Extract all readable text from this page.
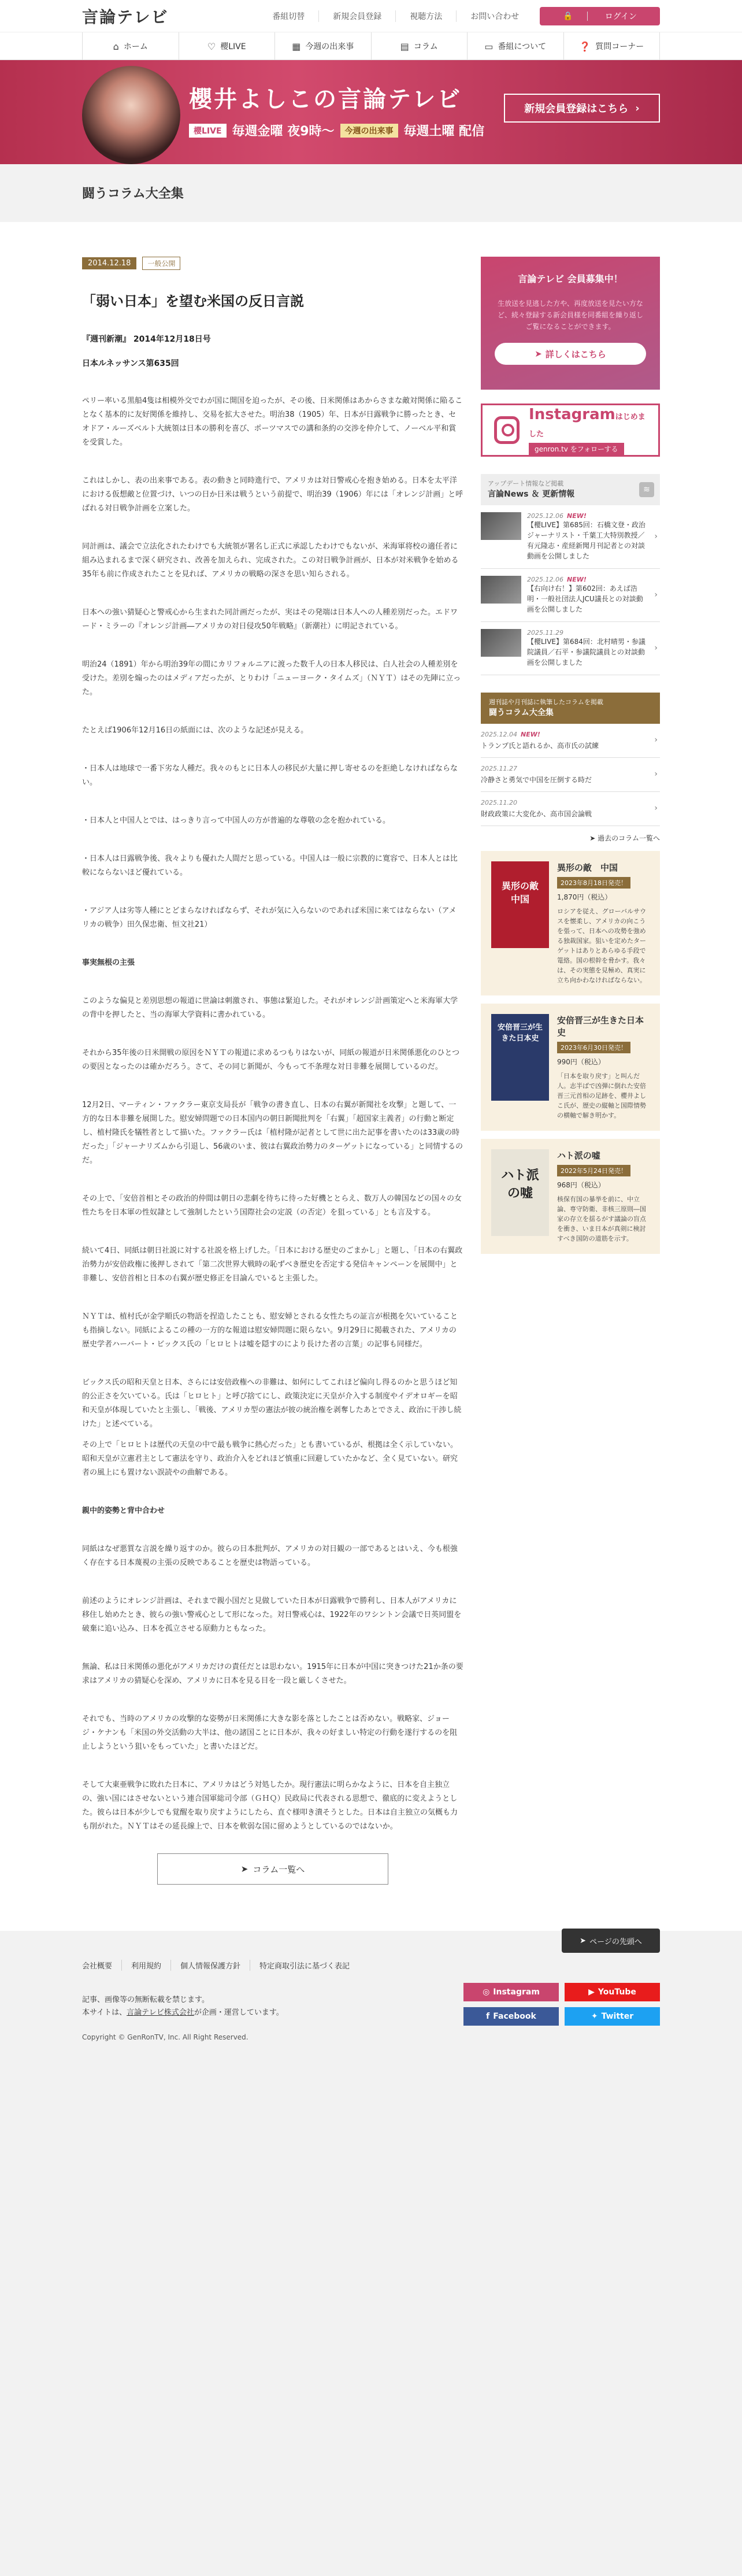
言論テレビ	番組切替	新規会員登録	視聴方法	お問い合わせ	🔒	ログイン
⌂ ホーム	♡ 櫻LIVE	▦ 今週の出来事	▤ コラム	▭ 番組について	❓ 質問コーナー
櫻井よしこの言論テレビ
櫻LIVE 毎週金曜 夜9時～	今週の出来事 毎週土曜 配信
新規会員登録はこちら ›
闘うコラム大全集
2014.12.18	一般公開
「弱い日本」を望む米国の反日言説
『週刊新潮』 2014年12月18日号
日本ルネッサンス第635回

ペリー率いる黒船4隻は相模外交でわが国に開国を迫ったが、その後、日米関係はあからさまな敵対関係に陥ることなく基本的に友好関係を維持し、交易を拡大させた。明治38（1905）年、日本が日露戦争に勝ったとき、セオドア・ルーズベルト大統領は日本の勝利を喜び、ポーツマスでの講和条約の交渉を仲介して、ノーベル平和賞を受賞した。

これはしかし、表の出来事である。表の動きと同時進行で、アメリカは対日警戒心を抱き始める。日本を太平洋における仮想敵と位置づけ、いつの日か日米は戦うという前提で、明治39（1906）年には「オレンジ計画」と呼ばれる対日戦争計画を立案した。

同計画は、議会で立法化されたわけでも大統領が署名し正式に承認したわけでもないが、米海軍将校の適任者に組み込まれるまで深く研究され、改善を加えられ、完成された。この対日戦争計画が、日本が対米戦争を始める35年も前に作成されたことを見れば、アメリカの戦略の深さを思い知らされる。

日本への強い猜疑心と警戒心から生まれた同計画だったが、実はその発端は日本人への人種差別だった。エドワード・ミラーの『オレンジ計画―アメリカの対日侵攻50年戦略』（新潮社）に明記されている。

明治24（1891）年から明治39年の間にカリフォルニアに渡った数千人の日本人移民は、白人社会の人種差別を受けた。差別を煽ったのはメディアだったが、とりわけ「ニューヨーク・タイムズ」（ＮＹＴ）はその先陣に立った。

たとえば1906年12月16日の紙面には、次のような記述が見える。

・日本人は地球で一番下劣な人種だ。我々のもとに日本人の移民が大量に押し寄せるのを拒絶しなければならない。

・日本人と中国人とでは、はっきり言って中国人の方が普遍的な尊敬の念を抱かれている。

・日本人は日露戦争後、我々よりも優れた人間だと思っている。中国人は一般に宗教的に寛容で、日本人とは比較にならないほど優れている。

・アジア人は劣等人種にとどまらなければならず、それが気に入らないのであれば米国に来てはならない（アメリカの戦争）田久保忠衛、恒文社21）

事実無根の主張

このような偏見と差別思想の報道に世論は刺激され、事態は緊迫した。それがオレンジ計画策定へと米海軍大学の背中を押したと、当の海軍大学資料に書かれている。

それから35年後の日米開戦の原因をＮＹＴの報道に求めるつもりはないが、同紙の報道が日米関係悪化のひとつの要因となったのは確かだろう。さて、その同じ新聞が、今もって不条理な対日非難を展開しているのだ。

12月2日、マーティン・ファクラー東京支局長が「戦争の書き直し、日本の右翼が新聞社を攻撃」と題して、一方的な日本非難を展開した。慰安婦問題での日本国内の朝日新聞批判を「右翼」「超国家主義者」の行動と断定し、植村隆氏を犠牲者として描いた。ファクラー氏は「植村隆が記者として世に出た記事を書いたのは33歳の時だった」「ジャーナリズムから引退し、56歳のいま、彼は右翼政治勢力のターゲットになっている」と同情するのだ。

その上で、「安倍首相とその政治的仲間は朝日の悲劇を待ちに待った好機ととらえ、数万人の韓国などの国々の女性たちを日本軍の性奴隷として強制したという国際社会の定説（の否定）を狙っている」とも言及する。

続いて4日、同紙は朝日社説に対する社説を格上げした。「日本における歴史のごまかし」と題し、「日本の右翼政治勢力が安倍政権に後押しされて「第二次世界大戦時の恥ずべき歴史を否定する発信キャンペーンを展開中」と非難し、安倍首相と日本の右翼が歴史修正を目論んでいると主張した。

ＮＹＴは、植村氏が金学順氏の物語を捏造したことも、慰安婦とされる女性たちの証言が根拠を欠いていることも指摘しない。同紙によるこの種の一方的な報道は慰安婦問題に限らない。9月29日に掲載された、アメリカの歴史学者ハーバート・ビックス氏の「ヒロヒトは嘘を隠すのにより長けた者の言葉」の記事も同様だ。

ビックス氏の昭和天皇と日本、さらには安倍政権への非難は、如何にしてこれほど偏向し得るのかと思うほど知的公正さを欠いている。氏は「ヒロヒト」と呼び捨てにし、政策決定に天皇が介入する制度やイデオロギーを昭和天皇が体現していたと主張し、「戦後、アメリカ型の憲法が彼の統治権を剥奪したあとでさえ、政治に干渉し続けた」と述べている。

その上で「ヒロヒトは歴代の天皇の中で最も戦争に熱心だった」とも書いているが、根拠は全く示していない。昭和天皇が立憲君主として憲法を守り、政治介入をどれほど慎重に回避していたかなど、全く見ていない。研究者の風上にも置けない誤読やの曲解である。

親中的姿勢と背中合わせ

同紙はなぜ悪質な言説を繰り返すのか。彼らの日本批判が、アメリカの対日観の一部であるとはいえ、今も根強く存在する日本蔑視の主張の反映であることを歴史は物語っている。

前述のようにオレンジ計画は、それまで親小国だと見做していた日本が日露戦争で勝利し、日本人がアメリカに移住し始めたとき、彼らの強い警戒心として形になった。対日警戒心は、1922年のワシントン会議で日英同盟を破棄に追い込み、日本を孤立させる原動力ともなった。

無論、私は日米関係の悪化がアメリカだけの責任だとは思わない。1915年に日本が中国に突きつけた21か条の要求はアメリカの猜疑心を深め、アメリカに日本を見る目を一段と厳しくさせた。

それでも、当時のアメリカの攻撃的な姿勢が日米関係に大きな影を落としたことは否めない。戦略家、ジョージ・ケナンも「米国の外交活動の大半は、他の諸国ことに日本が、我々の好ましい特定の行動を遂行するのを阻止しようという狙いをもっていた」と書いたほどだ。

そして大東亜戦争に敗れた日本に、アメリカはどう対処したか。現行憲法に明らかなように、日本を自主独立の、強い国にはさせないという連合国軍総司令部（ＧＨＱ）民政局に代表される思想で、徹底的に変えようとした。彼らは日本が少しでも覚醒を取り戻すようにしたら、直ぐ様叩き潰そうとした。日本は自主独立の気概も力も削がれた。ＮＹＴはその延長線上で、日本を軟弱な国に留めようとしているのではないか。

➤ コラム一覧へ
言論テレビ 会員募集中！
生放送を見逃した方や、再度放送を見たい方など、続々登録する新会員様を同番組を繰り返しご覧になることができます。
➤ 詳しくはこちら
Instagramはじめました
genron.tv をフォローする
アップデート情報など掲載
言論News ＆ 更新情報	≋
2025.12.06 NEW!
【櫻LIVE】第685回：石橋文登・政治ジャーナリスト・千葉工大特別教授／有元隆志・産経新聞月刊記者との対談動画を公開しました
›
2025.12.06 NEW!
【右向け右！】第602回：あえば浩明・一般社団法人JCU議長との対談動画を公開しました
›
2025.11.29
【櫻LIVE】第684回：北村晴男・参議院議員／石平・参議院議員との対談動画を公開しました
›
週刊誌や月刊誌に執筆したコラムを掲載
闘うコラム大全集
2025.12.04 NEW!
トランプ氏と語れるか、高市氏の試練
›
2025.11.27
冷静さと勇気で中国を圧倒する時だ
›
2025.11.20
財政政策に大変化か、高市国会論戦
›
➤ 過去のコラム一覧へ
異形の敵 中国
異形の敵　中国
2023年8月18日発売！
1,870円（税込）
ロシアを従え、グローバルサウスを懐柔し、アメリカの向こうを張って、日本への攻勢を強める独裁国家。狙いを定めたターゲットはありとあらゆる手段で篭絡。国の根幹を脅かす。我々は、その実態を見極め、真実に立ち向かわなければならない。
安倍晋三が生きた日本史
安倍晋三が生きた日本史
2023年6月30日発売！
990円（税込）
「日本を取り戻す」と叫んだ人。志半ばで凶弾に倒れた安倍晋三元首相の足跡を、櫻井よしこ氏が、歴史の縦軸と国際情勢の横軸で解き明かす。
ハト派の嘘
ハト派の嘘
2022年5月24日発売！
968円（税込）
核保有国の暴挙を前に、中立論、専守防衛、非核三原則―国家の存立を揺るがす議論の盲点を衝き、いま日本が真剣に検討すべき国防の道筋を示す。
➤ ページの先頭へ
会社概要	利用規約	個人情報保護方針	特定商取引法に基づく表記
記事、画像等の無断転載を禁じます。
本サイトは、言論テレビ株式会社が企画・運営しています。
Copyright © GenRonTV, Inc. All Right Reserved.
◎ Instagram	▶ YouTube
f Facebook	✦ Twitter
